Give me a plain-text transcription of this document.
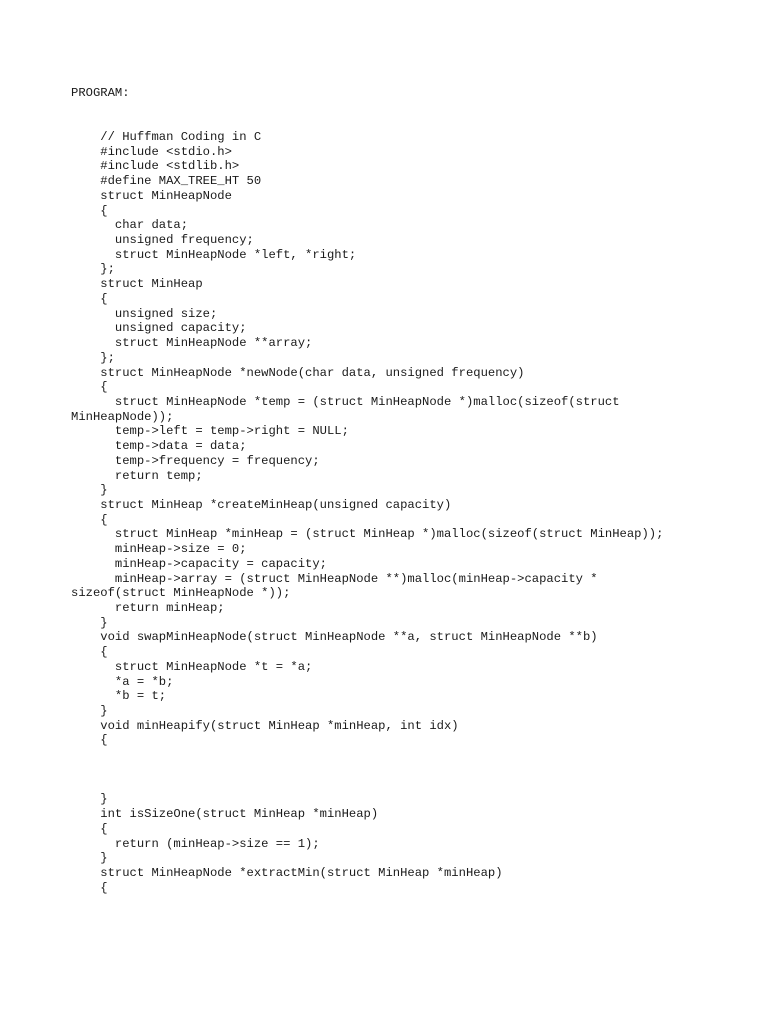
PROGRAM:
// Huffman Coding in C
#include <stdio.h>
#include <stdlib.h>
#define MAX_TREE_HT 50
struct MinHeapNode
{
char data;
unsigned frequency;
struct MinHeapNode *left, *right;
};
struct MinHeap
{
unsigned size;
unsigned capacity;
struct MinHeapNode **array;
};
struct MinHeapNode *newNode(char data, unsigned frequency)
{
struct MinHeapNode *temp = (struct MinHeapNode *)malloc(sizeof(struct
MinHeapNode));
temp->left = temp->right = NULL;
temp->data = data;
temp->frequency = frequency;
return temp;
}
struct MinHeap *createMinHeap(unsigned capacity)
{
struct MinHeap *minHeap = (struct MinHeap *)malloc(sizeof(struct MinHeap));
minHeap->size = 0;
minHeap->capacity = capacity;
minHeap->array = (struct MinHeapNode **)malloc(minHeap->capacity *
sizeof(struct MinHeapNode *));
return minHeap;
}
void swapMinHeapNode(struct MinHeapNode **a, struct MinHeapNode **b)
{
struct MinHeapNode *t = *a;
*a = *b;
*b = t;
}
void minHeapify(struct MinHeap *minHeap, int idx)
{
}
int isSizeOne(struct MinHeap *minHeap)
{
return (minHeap->size == 1);
}
struct MinHeapNode *extractMin(struct MinHeap *minHeap)
{
